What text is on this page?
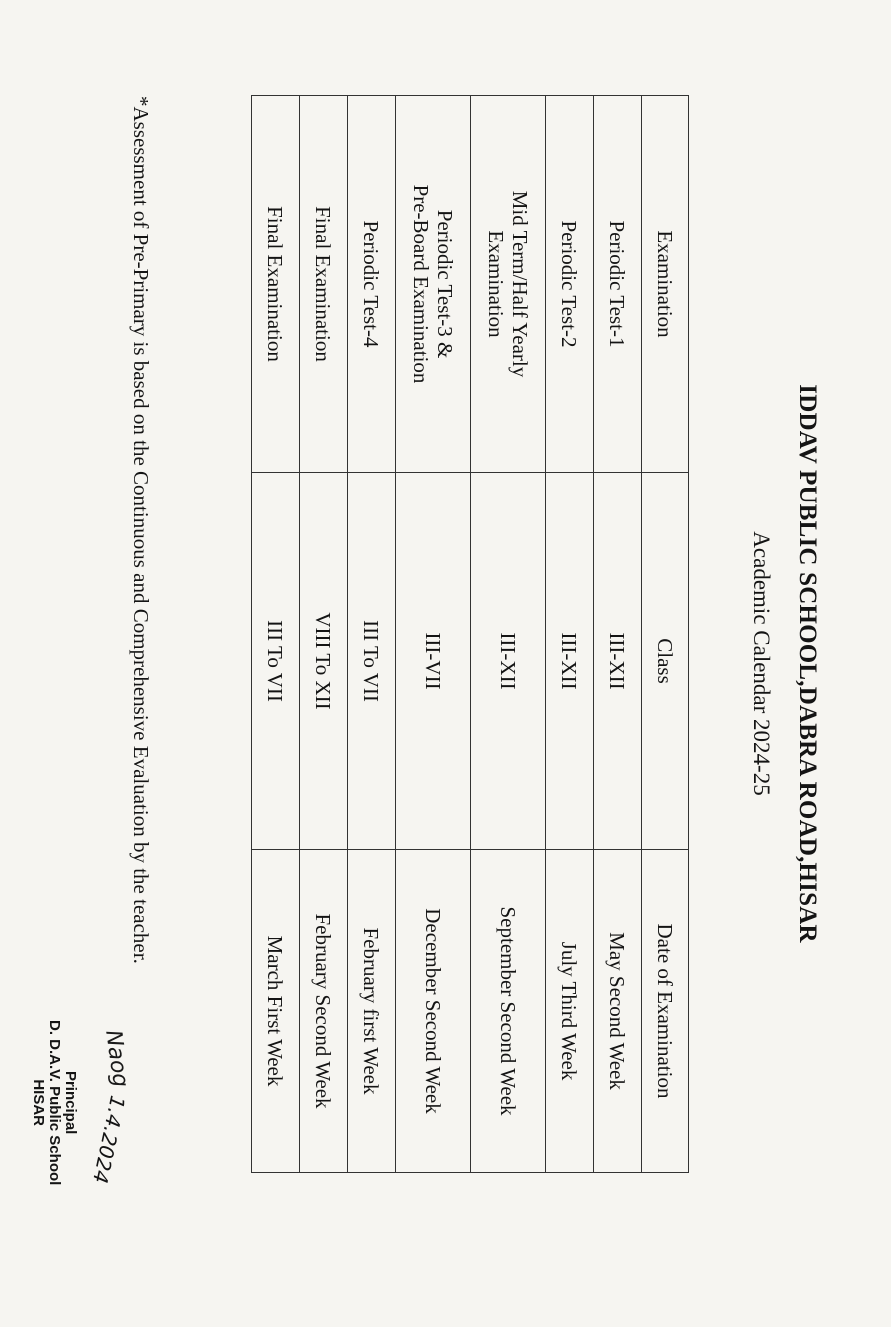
IDDAV PUBLIC SCHOOL,DABRA ROAD,HISAR
Academic Calendar 2024-25
Examination	Class	Date of Examination
Periodic Test-1	III-XII	May Second Week
Periodic Test-2	III-XII	July Third Week

Mid Term/Half Yearly
Examination	III-XII	September Second Week

Periodic Test-3 &
Pre-Board Examination	III-VII	December Second Week
Periodic Test-4	III To VII	February first Week
Final Examination	VIII To XII	February Second Week
Final Examination	III To VII	March First Week
*Assessment of Pre-Primary is based on the Continuous and Comprehensive Evaluation by the teacher.
Naog
1.4.2024
Principal
D. D.A.V. Public School
HISAR
